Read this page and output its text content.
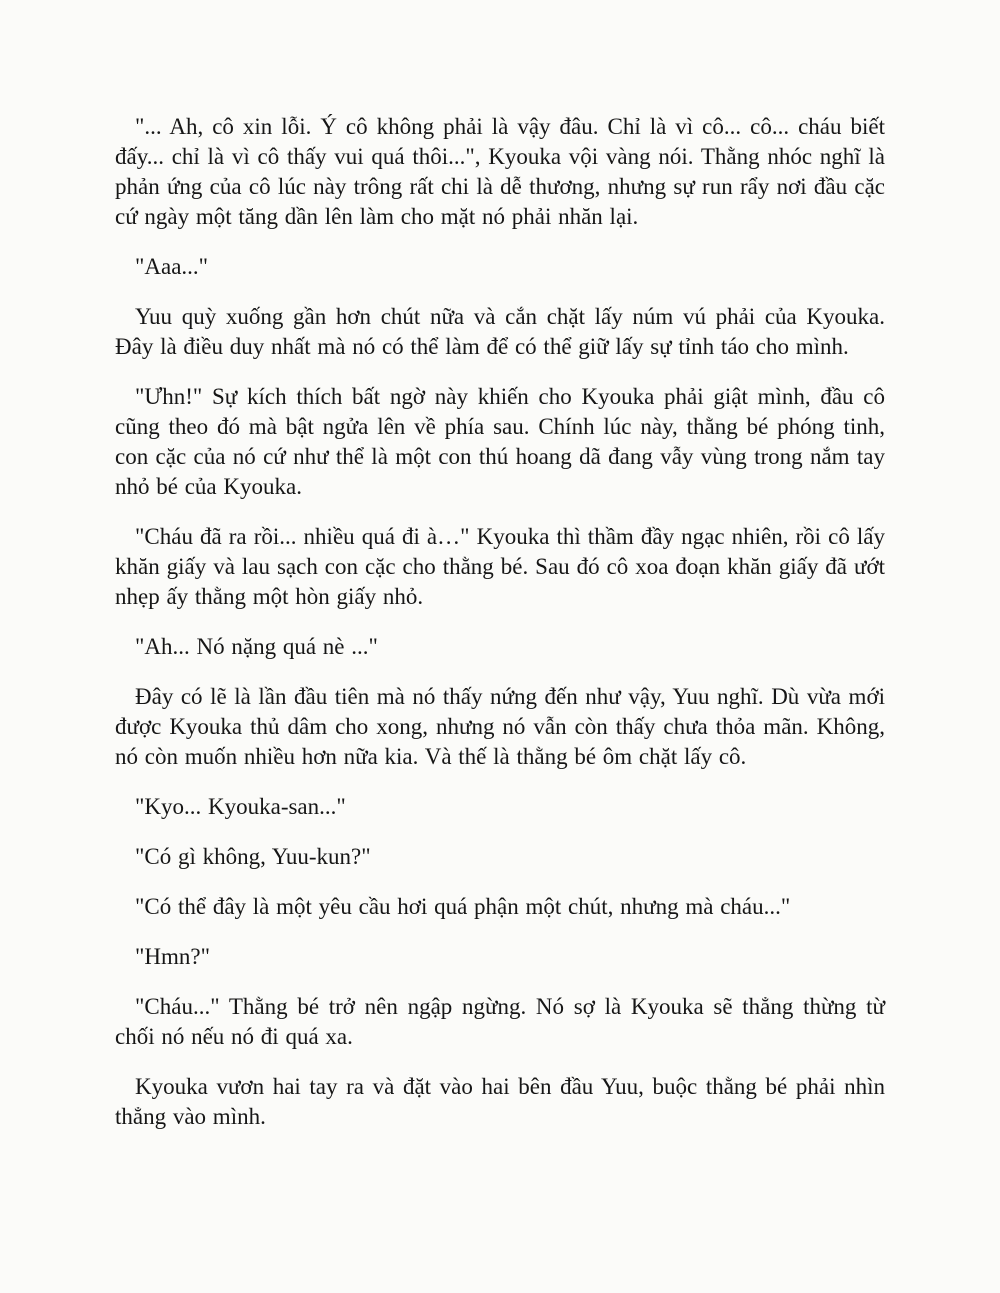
"... Ah, cô xin lỗi. Ý cô không phải là vậy đâu. Chỉ là vì cô... cô... cháu biết đấy... chỉ là vì cô thấy vui quá thôi...", Kyouka vội vàng nói. Thằng nhóc nghĩ là phản ứng của cô lúc này trông rất chi là dễ thương, nhưng sự run rẩy nơi đầu cặc cứ ngày một tăng dần lên làm cho mặt nó phải nhăn lại.

"Aaa..."

Yuu quỳ xuống gần hơn chút nữa và cắn chặt lấy núm vú phải của Kyouka. Đây là điều duy nhất mà nó có thể làm để có thể giữ lấy sự tỉnh táo cho mình.

"Ưhn!" Sự kích thích bất ngờ này khiến cho Kyouka phải giật mình, đầu cô cũng theo đó mà bật ngửa lên về phía sau. Chính lúc này, thằng bé phóng tinh, con cặc của nó cứ như thể là một con thú hoang dã đang vẫy vùng trong nắm tay nhỏ bé của Kyouka.

"Cháu đã ra rồi... nhiều quá đi à…" Kyouka thì thầm đầy ngạc nhiên, rồi cô lấy khăn giấy và lau sạch con cặc cho thằng bé. Sau đó cô xoa đoạn khăn giấy đã ướt nhẹp ấy thằng một hòn giấy nhỏ.

"Ah... Nó nặng quá nè ..."

Đây có lẽ là lần đầu tiên mà nó thấy nứng đến như vậy, Yuu nghĩ. Dù vừa mới được Kyouka thủ dâm cho xong, nhưng nó vẫn còn thấy chưa thỏa mãn. Không, nó còn muốn nhiều hơn nữa kia. Và thế là thằng bé ôm chặt lấy cô.

"Kyo... Kyouka-san..."

"Có gì không, Yuu-kun?"

"Có thể đây là một yêu cầu hơi quá phận một chút, nhưng mà cháu..."

"Hmn?"

"Cháu..." Thằng bé trở nên ngập ngừng. Nó sợ là Kyouka sẽ thẳng thừng từ chối nó nếu nó đi quá xa.

Kyouka vươn hai tay ra và đặt vào hai bên đầu Yuu, buộc thằng bé phải nhìn thẳng vào mình.
